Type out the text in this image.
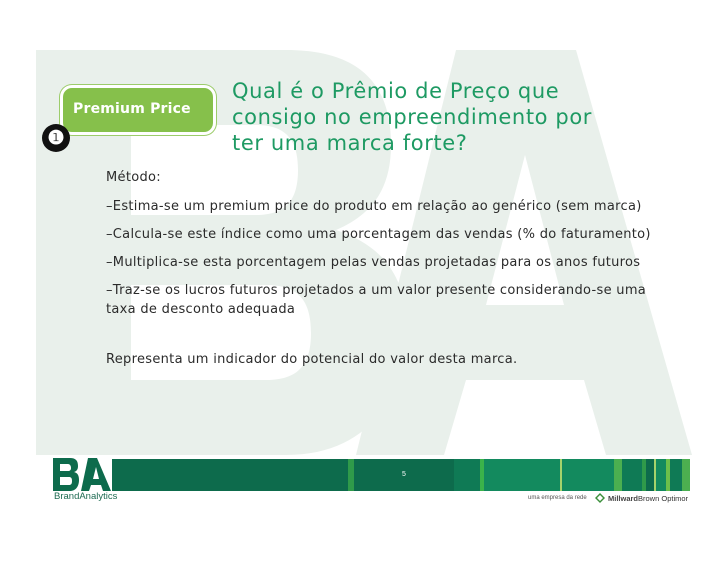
Premium Price
❶
Qual é o Prêmio de Preço que
consigo no empreendimento por
ter uma marca forte?
Método:
–Estima-se um premium price do produto em relação ao genérico (sem marca)
–Calcula-se este índice como uma porcentagem das vendas (% do faturamento)
–Multiplica-se esta porcentagem pelas vendas projetadas para os anos futuros
–Traz-se os lucros futuros projetados a um valor presente considerando-se uma
taxa de desconto adequada
Representa um indicador do potencial do valor desta marca.
5
BrandAnalytics	uma empresa da rede	MillwardBrown Optimor
